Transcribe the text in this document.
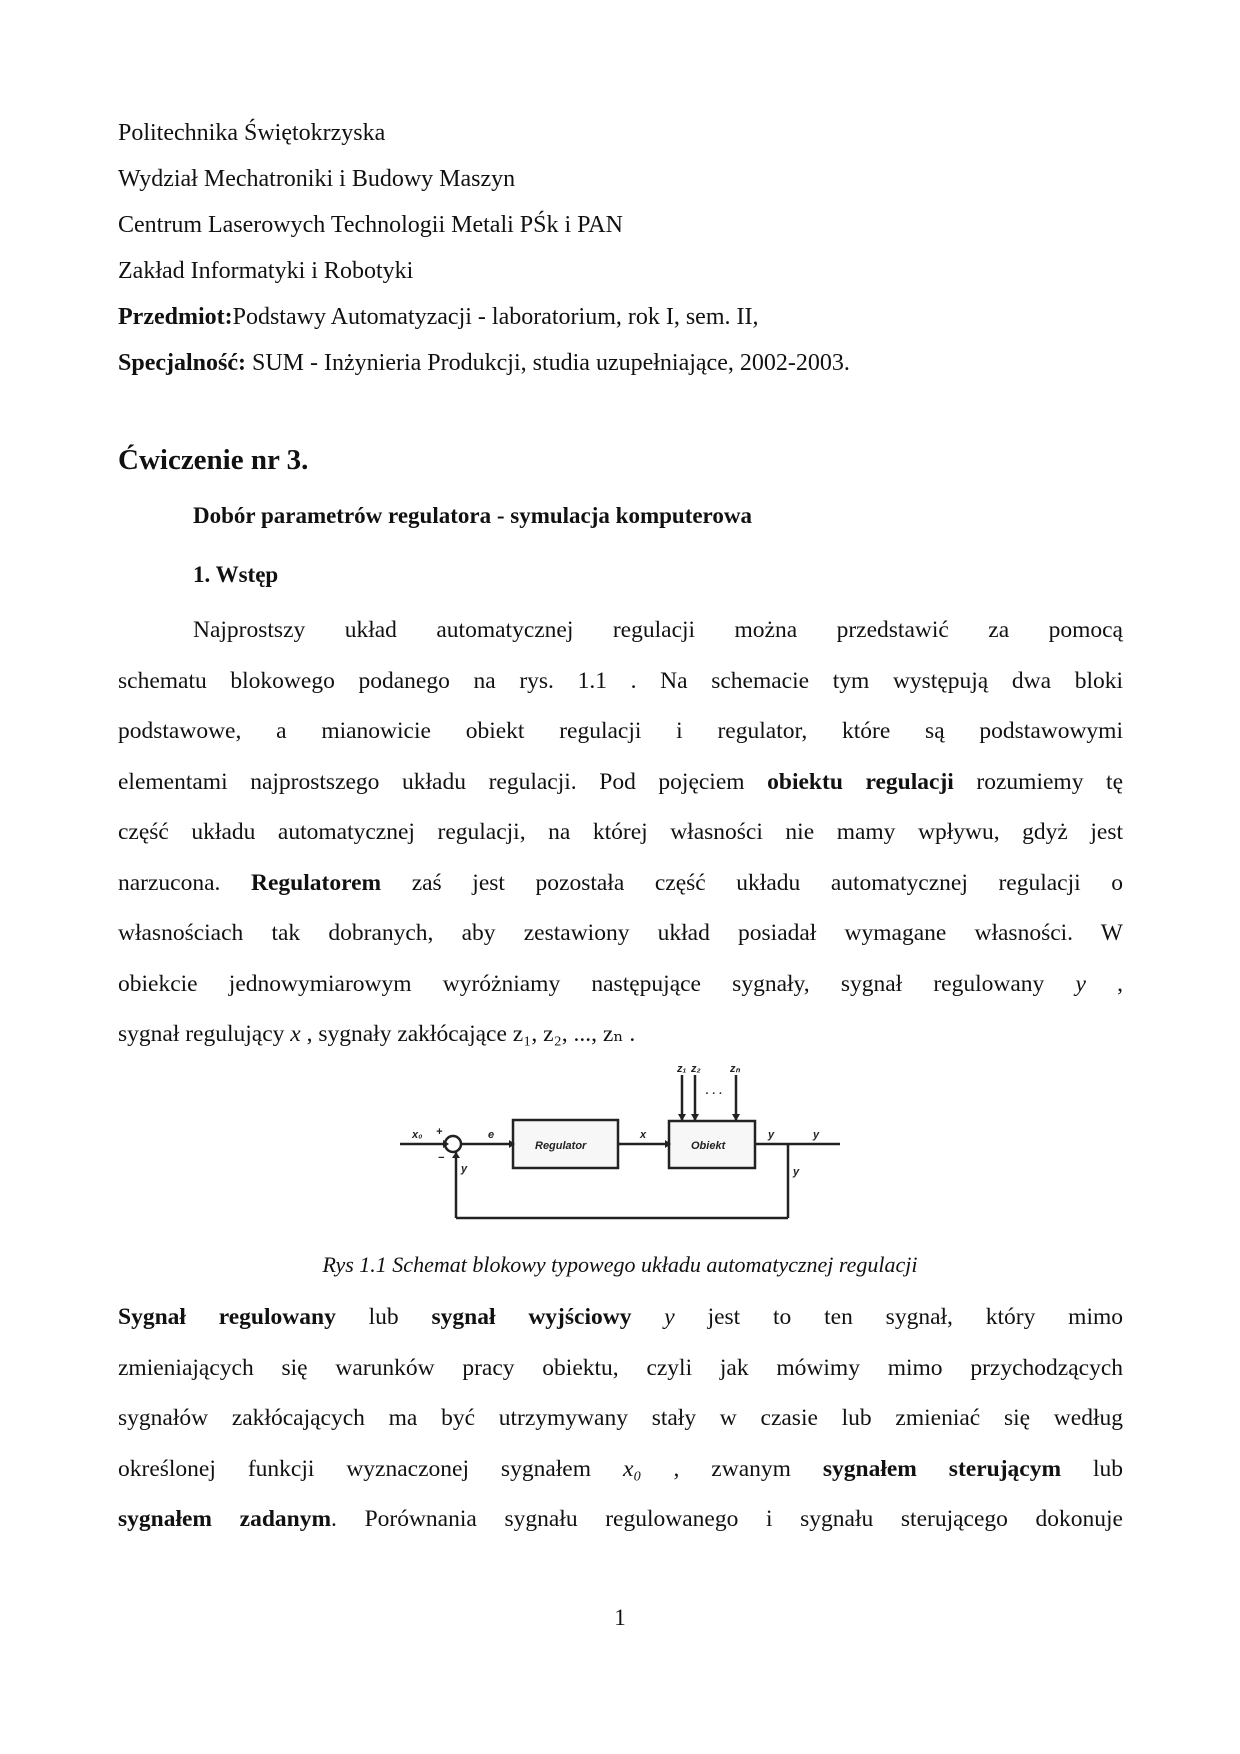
Politechnika Świętokrzyska
Wydział Mechatroniki i Budowy Maszyn
Centrum Laserowych Technologii Metali PŚk i PAN
Zakład Informatyki i Robotyki
Przedmiot:Podstawy Automatyzacji - laboratorium, rok I, sem. II,
Specjalność: SUM - Inżynieria Produkcji, studia uzupełniające, 2002-2003.
Ćwiczenie nr 3.
Dobór parametrów regulatora - symulacja komputerowa
1. Wstęp
Najprostszy układ automatycznej regulacji można przedstawić za pomocą
schematu blokowego podanego na rys. 1.1 . Na schemacie tym występują dwa bloki
podstawowe, a mianowicie obiekt regulacji i regulator, które są podstawowymi
elementami najprostszego układu regulacji. Pod pojęciem obiektu regulacji rozumiemy tę
część układu automatycznej regulacji, na której własności nie mamy wpływu, gdyż jest
narzucona. Regulatorem zaś jest pozostała część układu automatycznej regulacji o
własnościach tak dobranych, aby zestawiony układ posiadał wymagane własności. W
obiekcie jednowymiarowym wyróżniamy następujące sygnały, sygnał regulowany y ,
sygnał regulujący x , sygnały zakłócające z₁, z₂, ..., zₙ .
x₀ +
−
e
y
Regulator
x
Obiekt
z₁ z₂	zₙ
· · ·
y	y
y
Rys 1.1 Schemat blokowy typowego układu automatycznej regulacji
Sygnał regulowany lub sygnał wyjściowy y jest to ten sygnał, który mimo
zmieniających się warunków pracy obiektu, czyli jak mówimy mimo przychodzących
sygnałów zakłócających ma być utrzymywany stały w czasie lub zmieniać się według
określonej funkcji wyznaczonej sygnałem x₀ , zwanym sygnałem sterującym lub
sygnałem zadanym. Porównania sygnału regulowanego i sygnału sterującego dokonuje
1
